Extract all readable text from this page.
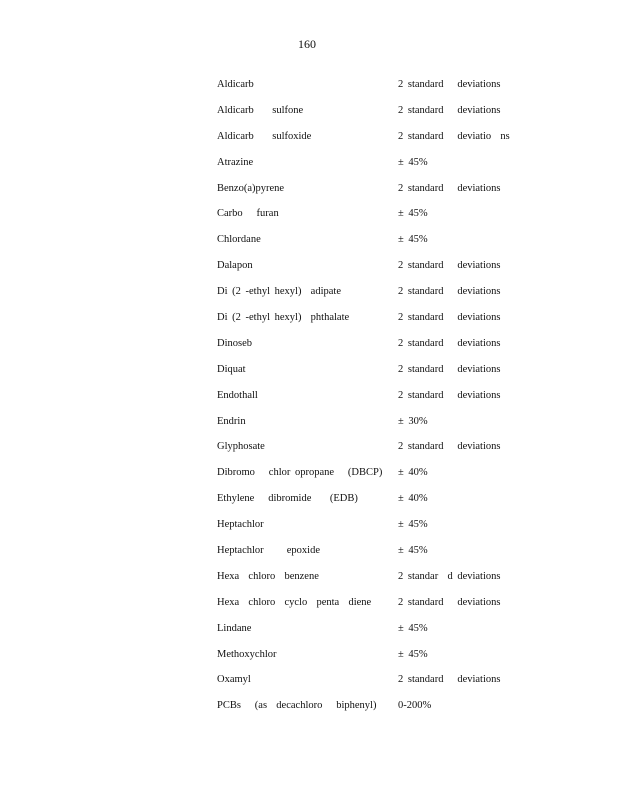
160
Aldicarb	2 standard   deviations
Aldicarb    sulfone	2 standard   deviations
Aldicarb    sulfoxide	2 standard   deviatio  ns
Atrazine	± 45%
Benzo(a)pyrene	2 standard   deviations
Carbo   furan	± 45%
Chlordane	± 45%
Dalapon	2 standard   deviations
Di (2 -ethyl hexyl)  adipate	2 standard   deviations
Di (2 -ethyl hexyl)  phthalate	2 standard   deviations
Dinoseb	2 standard   deviations
Diquat	2 standard   deviations
Endothall	2 standard   deviations
Endrin	± 30%
Glyphosate	2 standard   deviations
Dibromo   chlor opropane   (DBCP) ± 40%
Ethylene   dibromide    (EDB)	± 40%
Heptachlor	± 45%
Heptachlor     epoxide	± 45%
Hexa  chloro  benzene	2 standar  d deviations
Hexa  chloro  cyclo  penta  diene	2 standard   deviations
Lindane	± 45%
Methoxychlor	± 45%
Oxamyl	2 standard   deviations
PCBs   (as  decachloro   biphenyl) 0-200%
